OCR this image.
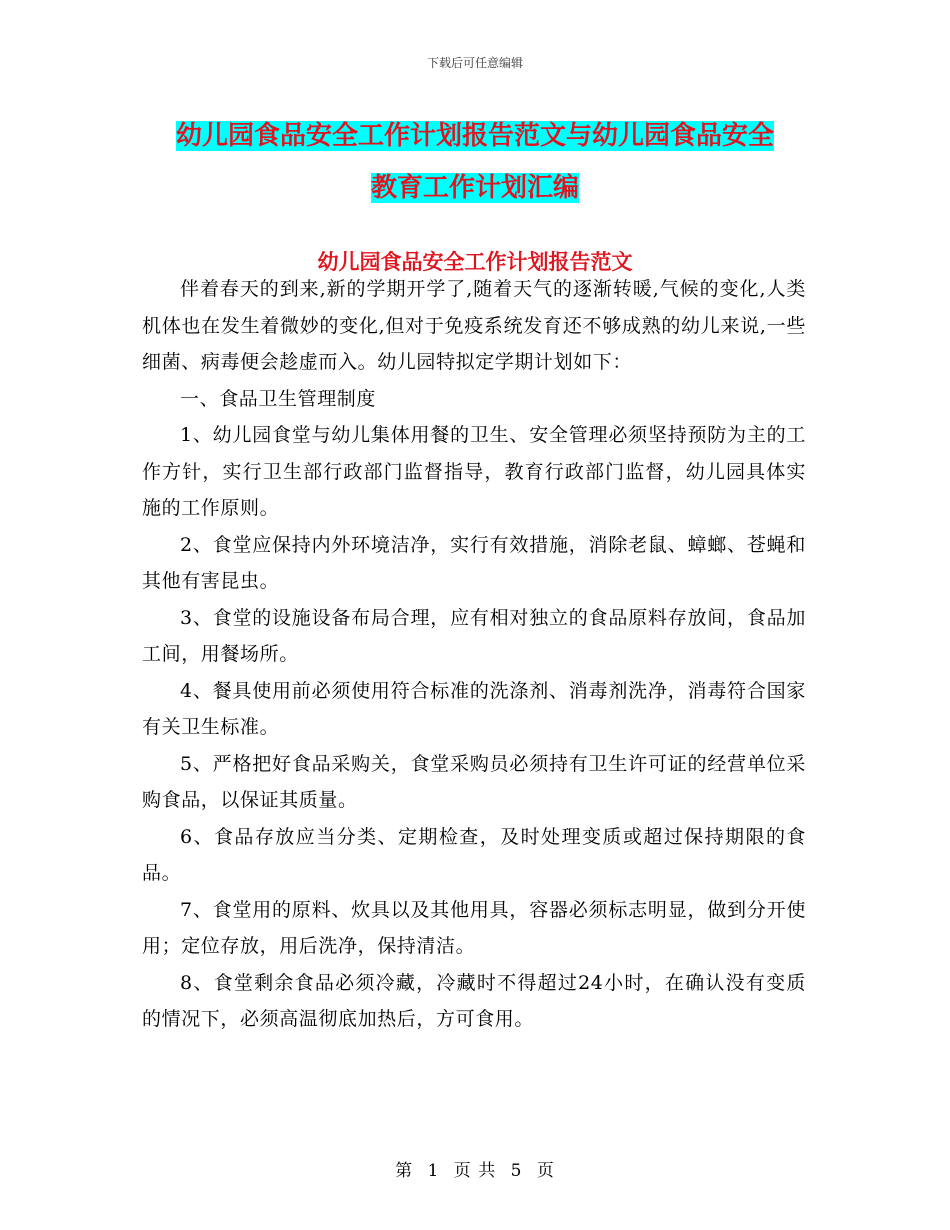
下载后可任意编辑
幼儿园食品安全工作计划报告范文与幼儿园食品安全
教育工作计划汇编
幼儿园食品安全工作计划报告范文

伴着春天的到来,新的学期开学了,随着天气的逐渐转暖,气候的变化,人类机体也在发生着微妙的变化,但对于免疫系统发育还不够成熟的幼儿来说,一些细菌、病毒便会趁虚而入。幼儿园特拟定学期计划如下：

一、食品卫生管理制度

1、幼儿园食堂与幼儿集体用餐的卫生、安全管理必须坚持预防为主的工作方针，实行卫生部行政部门监督指导，教育行政部门监督，幼儿园具体实施的工作原则。

2、食堂应保持内外环境洁净，实行有效措施，消除老鼠、蟑螂、苍蝇和其他有害昆虫。

3、食堂的设施设备布局合理，应有相对独立的食品原料存放间，食品加工间，用餐场所。

4、餐具使用前必须使用符合标准的洗涤剂、消毒剂洗净，消毒符合国家有关卫生标准。

5、严格把好食品采购关，食堂采购员必须持有卫生许可证的经营单位采购食品，以保证其质量。

6、食品存放应当分类、定期检查，及时处理变质或超过保持期限的食品。

7、食堂用的原料、炊具以及其他用具，容器必须标志明显，做到分开使用；定位存放，用后洗净，保持清洁。

8、食堂剩余食品必须冷藏，冷藏时不得超过24小时，在确认没有变质的情况下，必须高温彻底加热后，方可食用。

第 1 页 共 5 页
